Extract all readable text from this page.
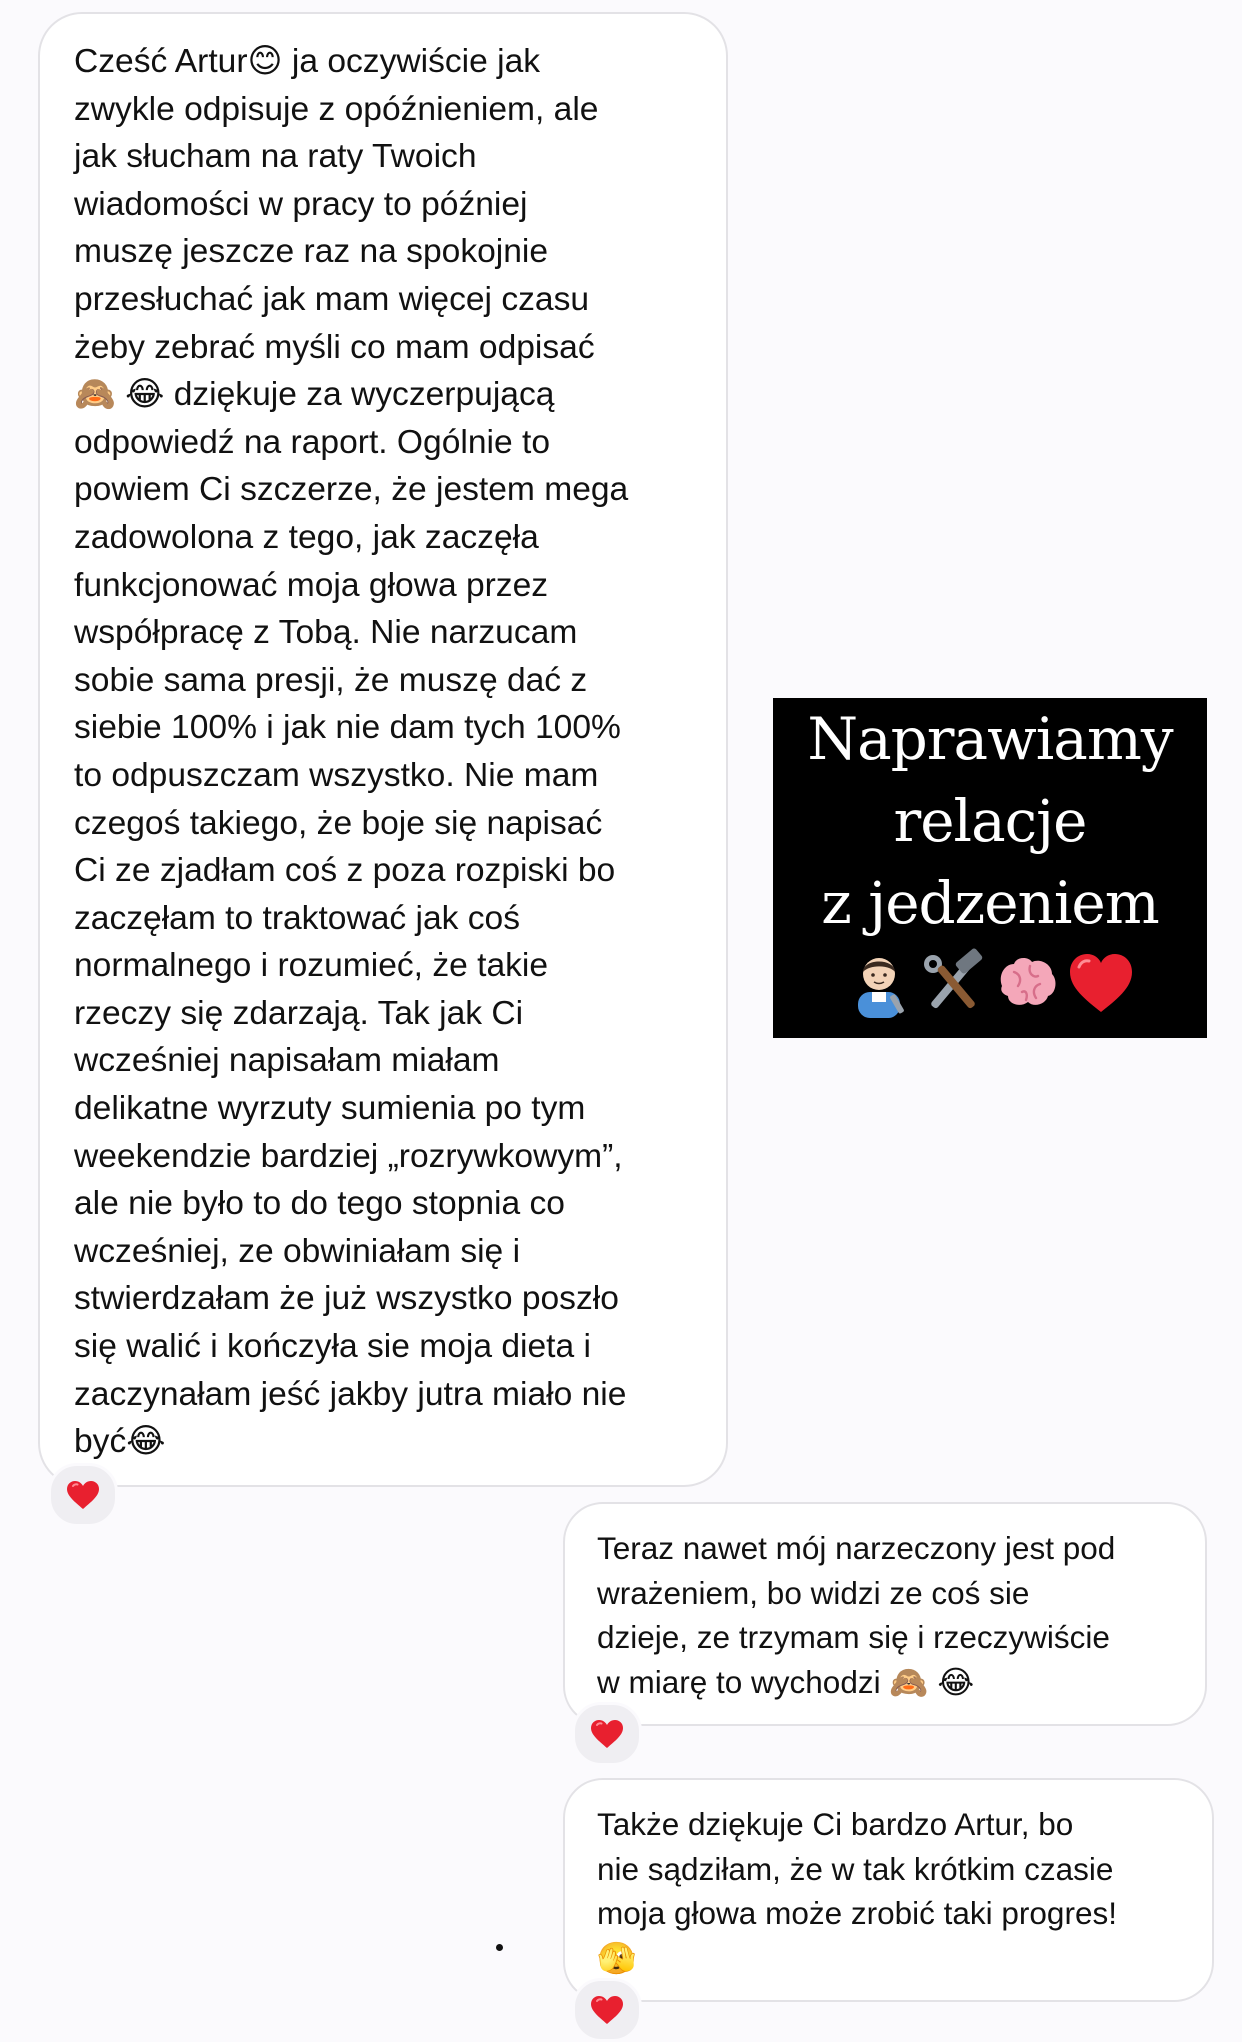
Cześć Artur😊 ja oczywiście jak
zwykle odpisuje z opóźnieniem, ale
jak słucham na raty Twoich
wiadomości w pracy to później
muszę jeszcze raz na spokojnie
przesłuchać jak mam więcej czasu
żeby zebrać myśli co mam odpisać
🙈 😂 dziękuje za wyczerpującą
odpowiedź na raport. Ogólnie to
powiem Ci szczerze, że jestem mega
zadowolona z tego, jak zaczęła
funkcjonować moja głowa przez
współpracę z Tobą. Nie narzucam
sobie sama presji, że muszę dać z
siebie 100% i jak nie dam tych 100%
to odpuszczam wszystko. Nie mam
czegoś takiego, że boje się napisać
Ci ze zjadłam coś z poza rozpiski bo
zaczęłam to traktować jak coś
normalnego i rozumieć, że takie
rzeczy się zdarzają. Tak jak Ci
wcześniej napisałam miałam
delikatne wyrzuty sumienia po tym
weekendzie bardziej „rozrywkowym”,
ale nie było to do tego stopnia co
wcześniej, ze obwiniałam się i
stwierdzałam że już wszystko poszło
się walić i kończyła sie moja dieta i
zaczynałam jeść jakby jutra miało nie
być😂

Naprawiamy
relacje
z jedzeniem

Teraz nawet mój narzeczony jest pod
wrażeniem, bo widzi ze coś sie
dzieje, ze trzymam się i rzeczywiście
w miarę to wychodzi 🙈 😂

Także dziękuje Ci bardzo Artur, bo
nie sądziłam, że w tak krótkim czasie
moja głowa może zrobić taki progres!
🫣
